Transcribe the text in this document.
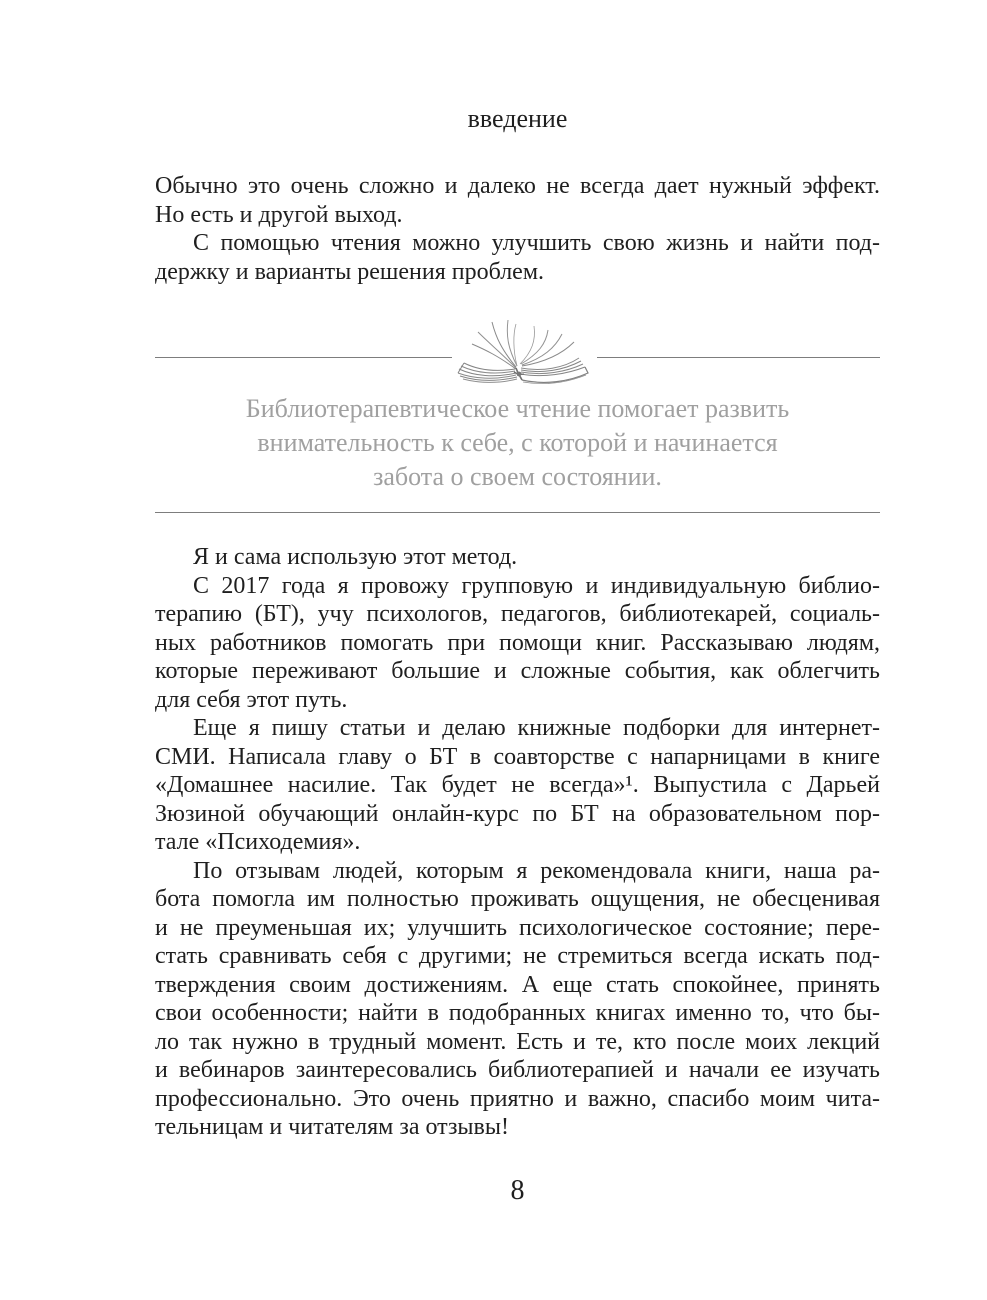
введение
Обычно это очень сложно и далеко не всегда дает нужный эффект.
Но есть и другой выход.
С помощью чтения можно улучшить свою жизнь и найти под-
держку и варианты решения проблем.
Библиотерапевтическое чтение помогает развить
внимательность к себе, с которой и начинается
забота о своем состоянии.
Я и сама использую этот метод.
С 2017 года я провожу групповую и индивидуальную библио-
терапию (БТ), учу психологов, педагогов, библиотекарей, социаль-
ных работников помогать при помощи книг. Рассказываю людям,
которые переживают большие и сложные события, как облегчить
для себя этот путь.
Еще я пишу статьи и делаю книжные подборки для интернет-
СМИ. Написала главу о БТ в соавторстве с напарницами в книге
«Домашнее насилие. Так будет не всегда»¹. Выпустила с Дарьей
Зюзиной обучающий онлайн-курс по БТ на образовательном пор-
тале «Психодемия».
По отзывам людей, которым я рекомендовала книги, наша ра-
бота помогла им полностью проживать ощущения, не обесценивая
и не преуменьшая их; улучшить психологическое состояние; пере-
стать сравнивать себя с другими; не стремиться всегда искать под-
тверждения своим достижениям. А еще стать спокойнее, принять
свои особенности; найти в подобранных книгах именно то, что бы-
ло так нужно в трудный момент. Есть и те, кто после моих лекций
и вебинаров заинтересовались библиотерапией и начали ее изучать
профессионально. Это очень приятно и важно, спасибо моим чита-
тельницам и читателям за отзывы!
8
